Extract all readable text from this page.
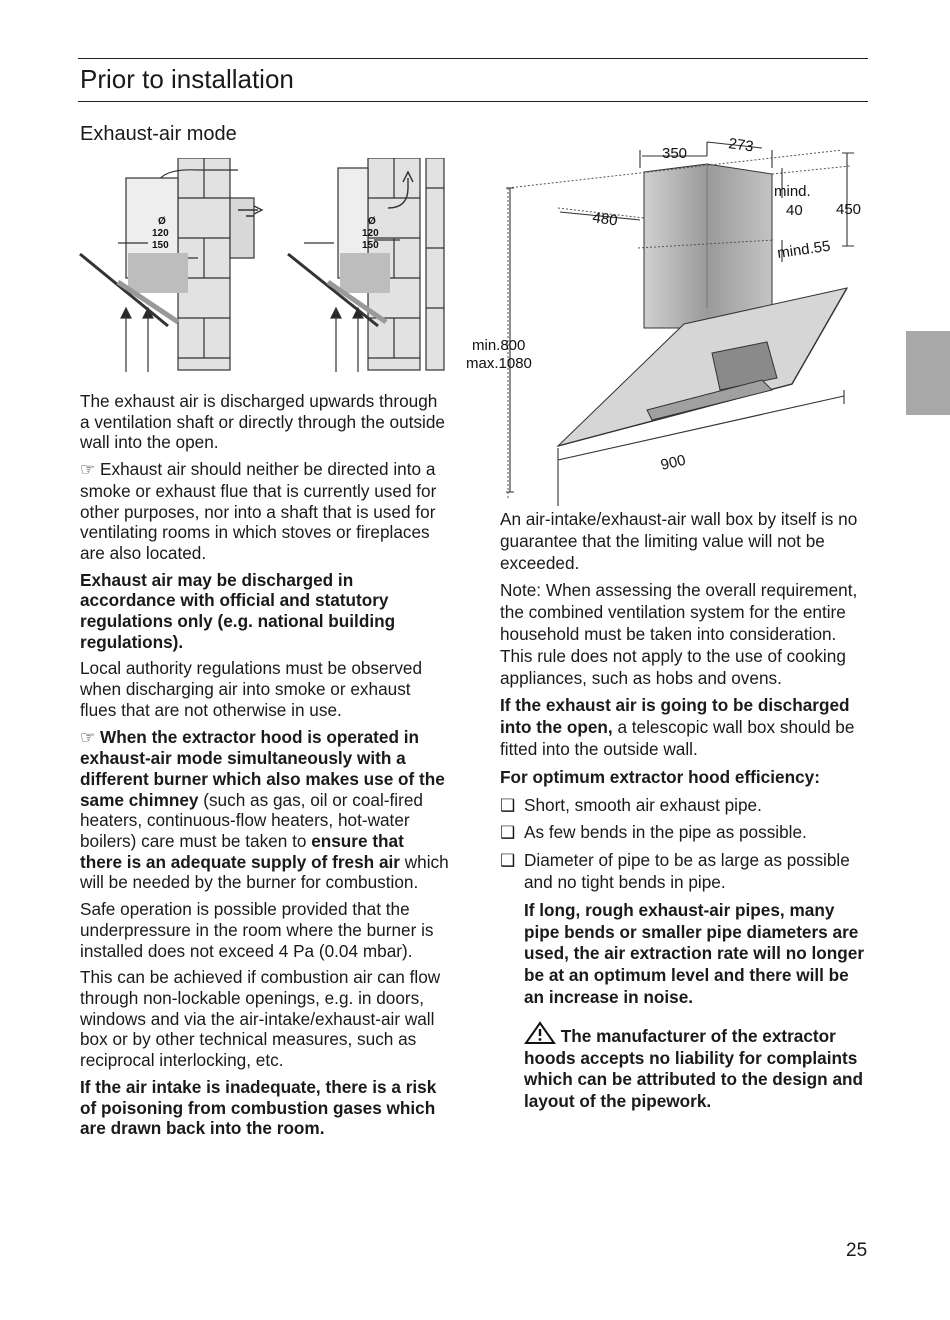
Prior to installation
Exhaust-air mode
Ø
120
150
Ø
120
150
350	273
480
mind.
40 450
mind.55
min.800
max.1080
900

The exhaust air is discharged upwards through a ventilation shaft or directly through the outside wall into the open.

☞ Exhaust air should neither be directed into a smoke or exhaust flue that is currently used for other purposes, nor into a shaft that is used for ventilating rooms in which stoves or fireplaces are also located.

Exhaust air may be discharged in accordance with official and statutory regulations only (e.g. national building regulations).

Local authority regulations must be observed when discharging air into smoke or exhaust flues that are not otherwise in use.

☞ When the extractor hood is operated in exhaust-air mode simultaneously with a different burner which also makes use of the same chimney (such as gas, oil or coal-fired heaters, continuous-flow heaters, hot-water boilers) care must be taken to ensure that there is an adequate supply of fresh air which will be needed by the burner for combustion.

Safe operation is possible provided that the underpressure in the room where the burner is installed does not exceed 4 Pa (0.04 mbar).

This can be achieved if combustion air can flow through non-lockable openings, e.g. in doors, windows and via the air-intake/exhaust-air wall box or by other technical measures, such as reciprocal interlocking, etc.

If the air intake is inadequate, there is a risk of poisoning from combustion gases which are drawn back into the room.

An air-intake/exhaust-air wall box by itself is no guarantee that the limiting value will not be exceeded.

Note: When assessing the overall requirement, the combined ventilation system for the entire household must be taken into consideration. This rule does not apply to the use of cooking appliances, such as hobs and ovens.

If the exhaust air is going to be discharged into the open, a telescopic wall box should be fitted into the outside wall.

For optimum extractor hood efficiency:

❑ Short, smooth air exhaust pipe.
❑ As few bends in the pipe as possible.
❑ Diameter of pipe to be as large as possible and no tight bends in pipe.

If long, rough exhaust-air pipes, many pipe bends or smaller pipe diameters are used, the air extraction rate will no longer be at an optimum level and there will be an increase in noise.

The manufacturer of the extractor hoods accepts no liability for complaints which can be attributed to the design and layout of the pipework.

25
